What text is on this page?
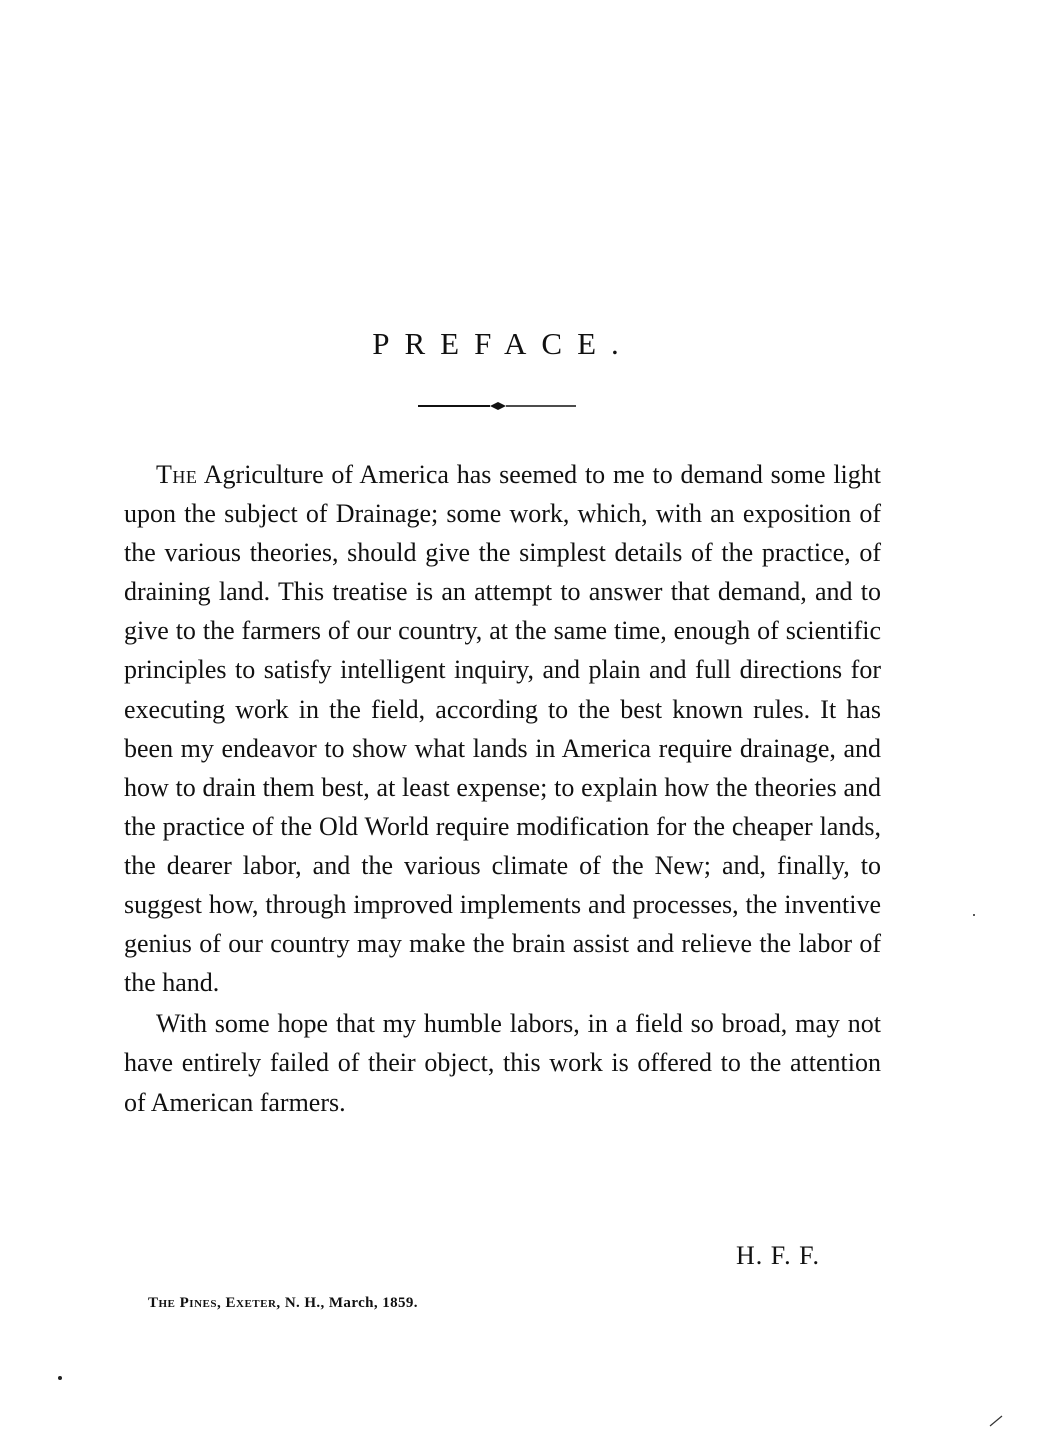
PREFACE.

The Agriculture of America has seemed to me to demand some light upon the subject of Drainage; some work, which, with an exposition of the various theories, should give the simplest details of the practice, of draining land. This treatise is an attempt to answer that demand, and to give to the farmers of our country, at the same time, enough of scientific principles to satisfy intelligent inquiry, and plain and full directions for executing work in the field, according to the best known rules. It has been my endeavor to show what lands in America require drainage, and how to drain them best, at least expense; to explain how the theories and the practice of the Old World require modification for the cheaper lands, the dearer labor, and the various climate of the New; and, finally, to suggest how, through improved implements and processes, the inventive genius of our country may make the brain assist and relieve the labor of the hand.

With some hope that my humble labors, in a field so broad, may not have entirely failed of their object, this work is offered to the attention of American farmers.

H. F. F.
The Pines, Exeter, N. H., March, 1859.
